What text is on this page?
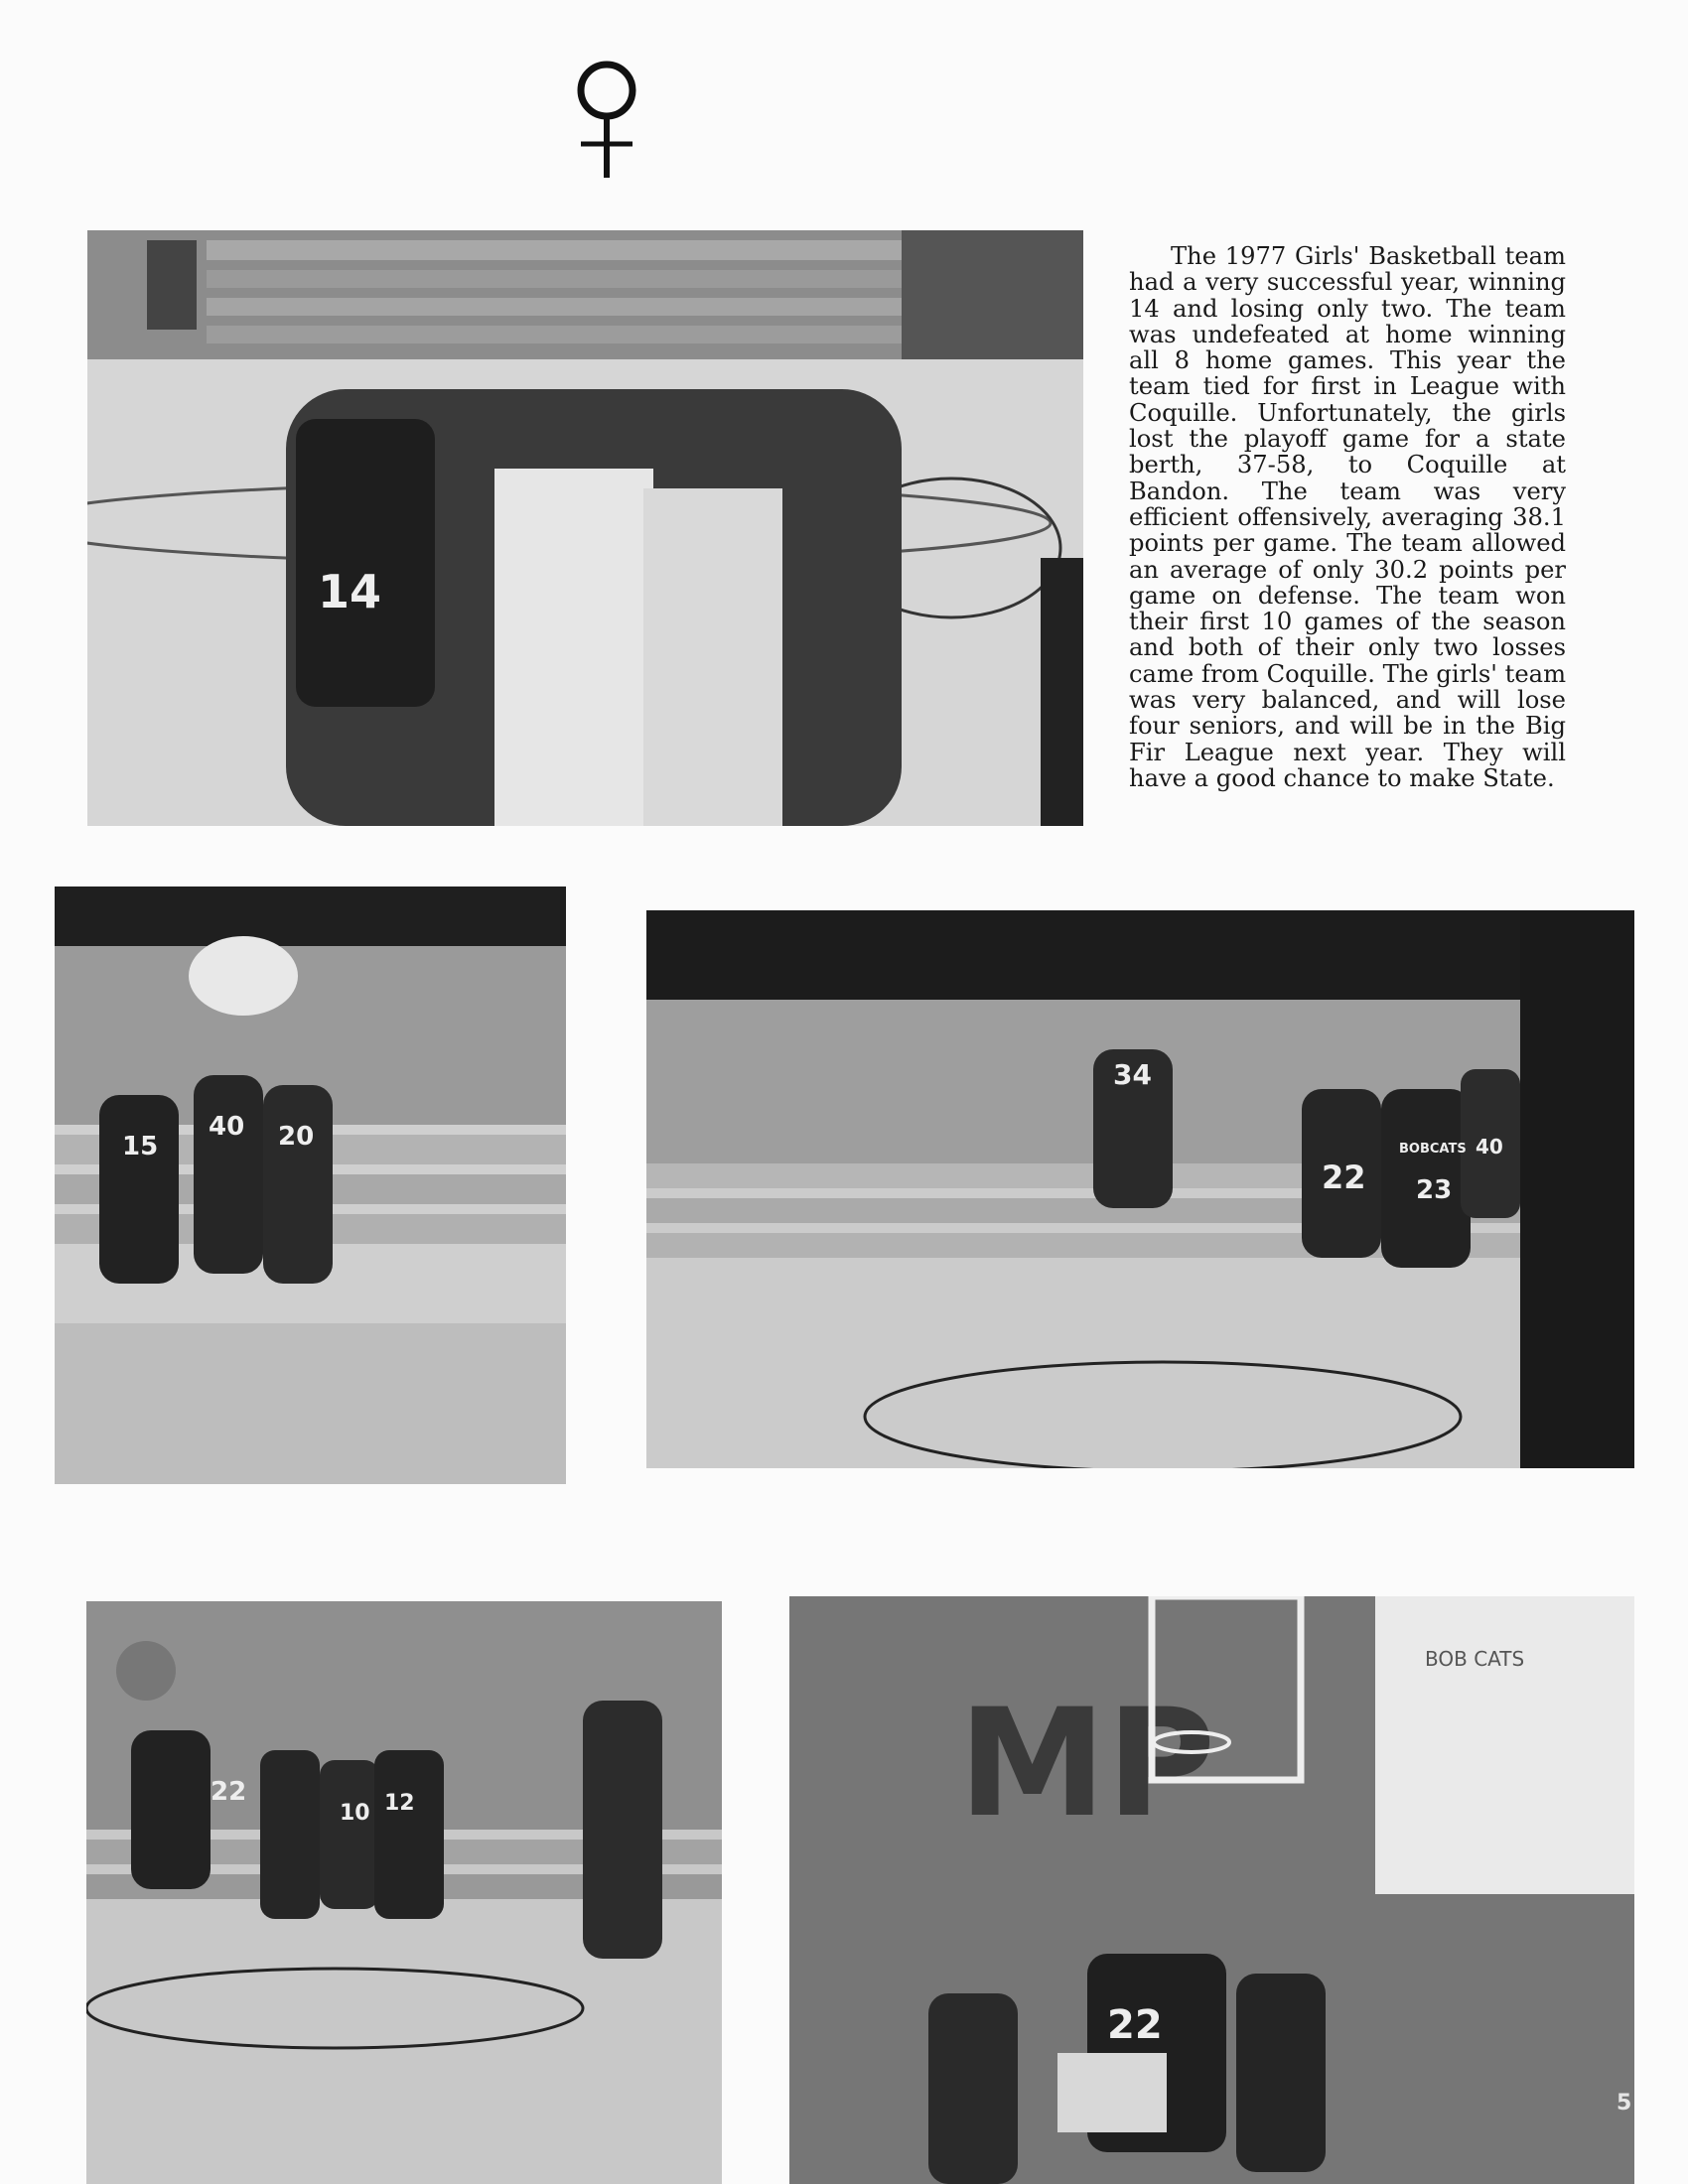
14

The 1977 Girls' Basketball team had a very successful year, winning 14 and losing only two. The team was undefeated at home winning all 8 home games. This year the team tied for first in League with Coquille. Unfortunately, the girls lost the playoff game for a state berth, 37-58, to Coquille at Bandon. The team was very efficient offensively, averaging 38.1 points per game. The team allowed an average of only 30.2 points per game on defense. The team won their first 10 games of the season and both of their only two losses came from Coquille. The girls' team was very balanced, and will lose four seniors, and will be in the Big Fir League next year. They will have a good chance to make State.

15
40 20
34
22 23
40
BOBCATS
22
10 12	MP
BOB CATS
22
5
